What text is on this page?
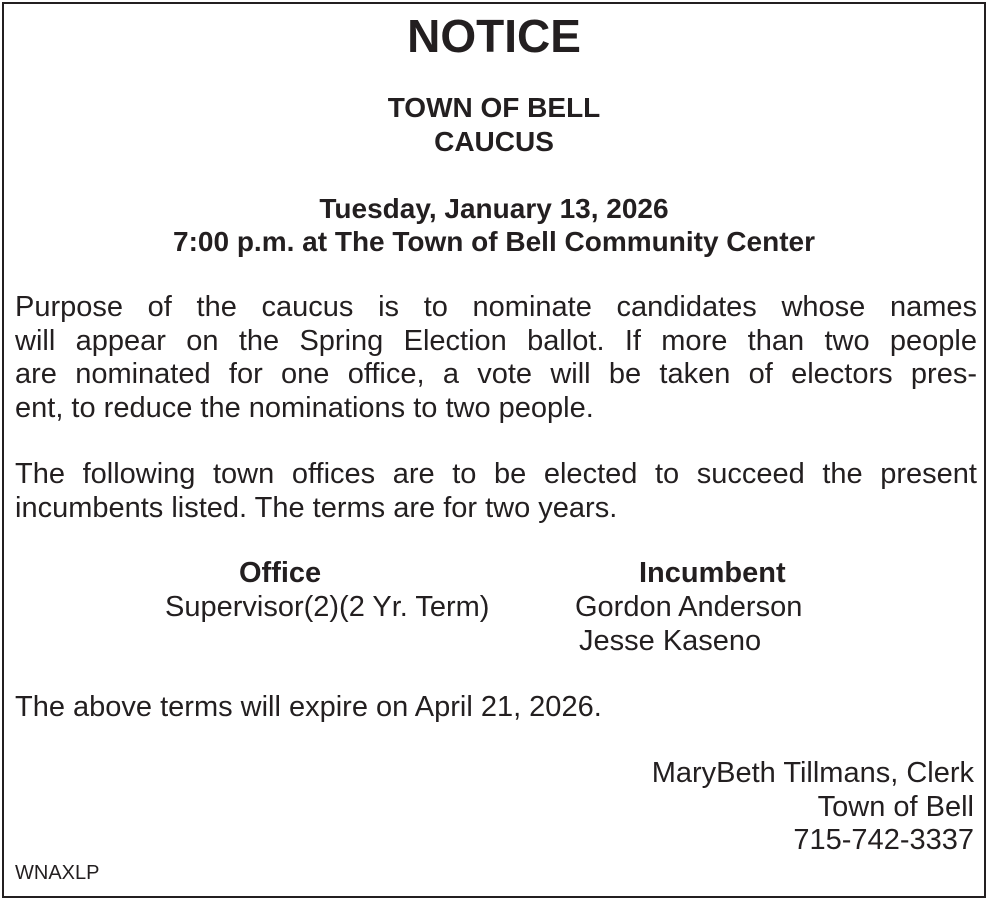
NOTICE
TOWN OF BELL
CAUCUS
Tuesday, January 13, 2026
7:00 p.m. at The Town of Bell Community Center
Purpose of the caucus is to nominate candidates whose names
will appear on the Spring Election ballot. If more than two people
are nominated for one office, a vote will be taken of electors pres-
ent, to reduce the nominations to two people.
The following town offices are to be elected to succeed the present
incumbents listed. The terms are for two years.
Office	Incumbent
Supervisor(2)(2 Yr. Term)	Gordon Anderson
Jesse Kaseno
The above terms will expire on April 21, 2026.
MaryBeth Tillmans, Clerk
Town of Bell
715-742-3337
WNAXLP
